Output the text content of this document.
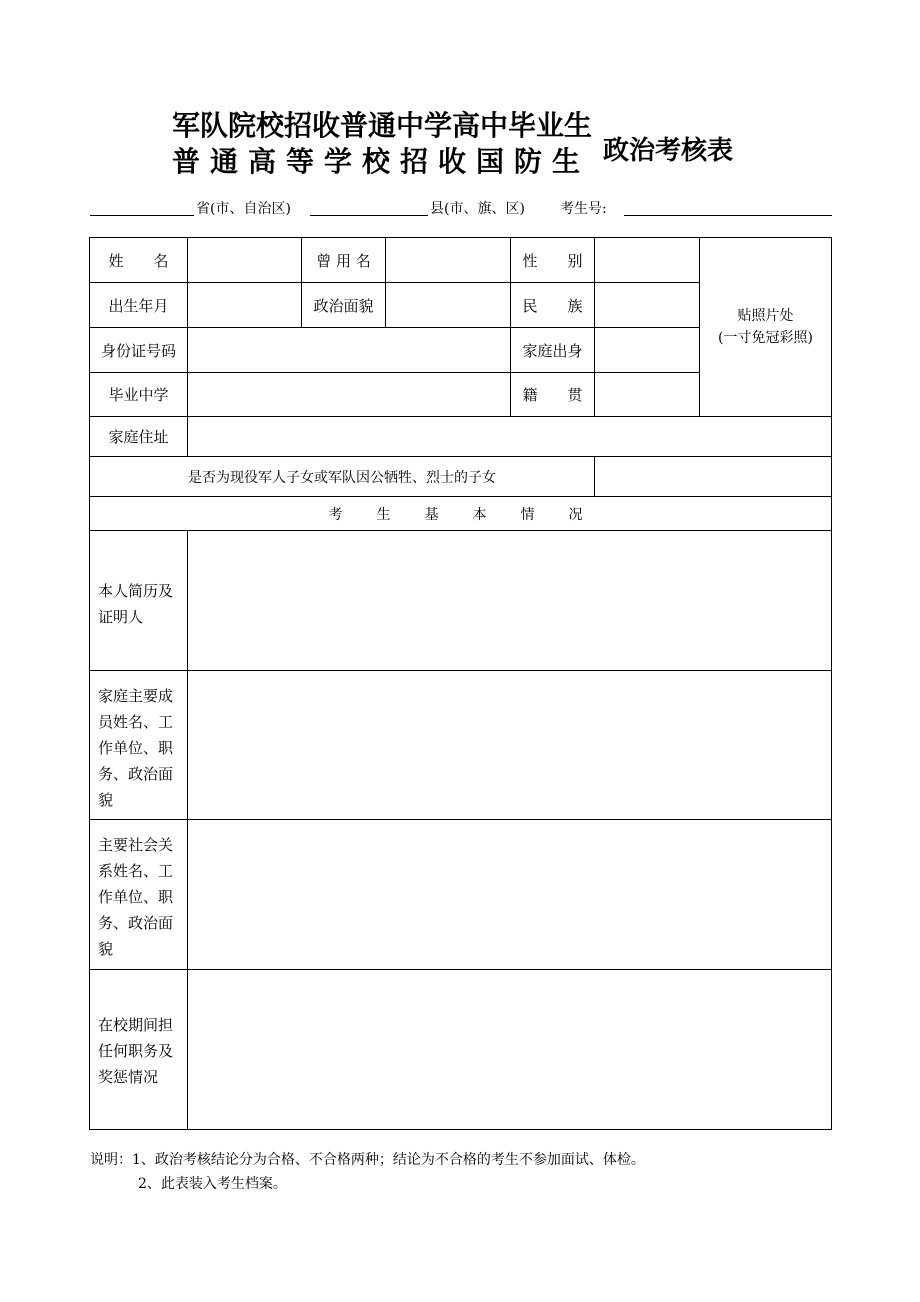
军队院校招收普通中学高中毕业生
普通高等学校招收国防生 政治考核表
省(市、自治区)	县(市、旗、区)	考生号:
姓　　名	曾 用 名	性　　别
出生年月	政治面貌	民　　族
身份证号码	家庭出身
毕业中学	籍　　贯
贴照片处
(一寸免冠彩照)
家庭住址
是否为现役军人子女或军队因公牺牲、烈士的子女
考　生　基　本　情　况
本人简历及证明人
家庭主要成员姓名、工作单位、职务、政治面貌
主要社会关系姓名、工作单位、职务、政治面貌
在校期间担任何职务及奖惩情况
说明：1、政治考核结论分为合格、不合格两种；结论为不合格的考生不参加面试、体检。
2、此表装入考生档案。
